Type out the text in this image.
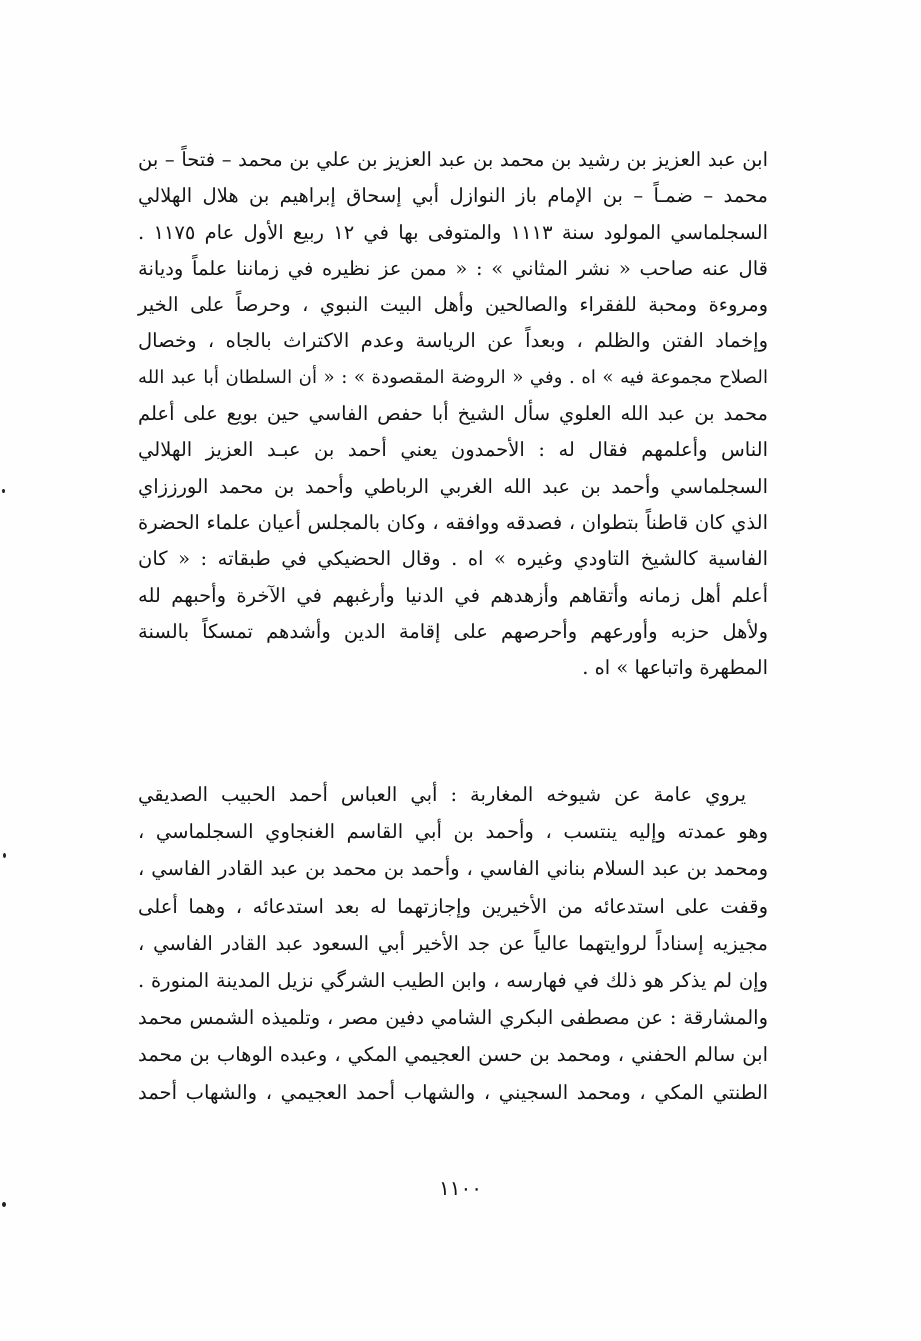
ابن عبد العزيز بن رشيد بن محمد بن عبد العزيز بن علي بن محمد – فتحاً – بن
محمد – ضمـاً – بن الإمام باز النوازل أبي إسحاق إبراهيم بن هلال الهلالي
السجلماسي المولود سنة ١١١٣ والمتوفى بها في ١٢ ربيع الأول عام ١١٧٥ .
قال عنه صاحب « نشر المثاني » : « ممن عز نظيره في زماننا علماً وديانة
ومروءة ومحبة للفقراء والصالحين وأهل البيت النبوي ، وحرصاً على الخير
وإخماد الفتن والظلم ، وبعداً عن الرياسة وعدم الاكتراث بالجاه ، وخصال
الصلاح مجموعة فيه » اه . وفي « الروضة المقصودة » : « أن السلطان أبا عبد الله
محمد بن عبد الله العلوي سأل الشيخ أبا حفص الفاسي حين بويع على أعلم
الناس وأعلمهم فقال له : الأحمدون يعني أحمد بن عبـد العزيز الهلالي
السجلماسي وأحمد بن عبد الله الغربي الرباطي وأحمد بن محمد الورززاي
الذي كان قاطناً بتطوان ، فصدقه ووافقه ، وكان بالمجلس أعيان علماء الحضرة
الفاسية كالشيخ التاودي وغيره » اه . وقال الحضيكي في طبقاته : « كان
أعلم أهل زمانه وأتقاهم وأزهدهم في الدنيا وأرغبهم في الآخرة وأحبهم لله
ولأهل حزبه وأورعهم وأحرصهم على إقامة الدين وأشدهم تمسكاً بالسنة
المطهرة واتباعها » اه .
يروي عامة عن شيوخه المغاربة : أبي العباس أحمد الحبيب الصديقي
وهو عمدته وإليه ينتسب ، وأحمد بن أبي القاسم الغنجاوي السجلماسي ،
ومحمد بن عبد السلام بناني الفاسي ، وأحمد بن محمد بن عبد القادر الفاسي ،
وقفت على استدعائه من الأخيرين وإجازتهما له بعد استدعائه ، وهما أعلى
مجيزيه إسناداً لروايتهما عالياً عن جد الأخير أبي السعود عبد القادر الفاسي ،
وإن لم يذكر هو ذلك في فهارسه ، وابن الطيب الشرگي نزيل المدينة المنورة .
والمشارقة : عن مصطفى البكري الشامي دفين مصر ، وتلميذه الشمس محمد
ابن سالم الحفني ، ومحمد بن حسن العجيمي المكي ، وعبده الوهاب بن محمد
الطنتي المكي ، ومحمد السجيني ، والشهاب أحمد العجيمي ، والشهاب أحمد
١١٠٠
